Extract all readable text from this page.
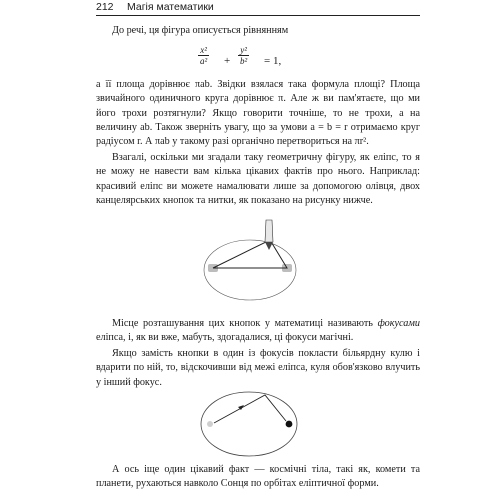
212 Магія математики

До речі, ця фігура описується рівнянням

$\frac{\text{x²}}{\text{a²}} + \frac{\text{y²}}{\text{b²}} = 1$,

а її площа дорівнює πab. Звідки взялася така формула площі? Площа звичайного одиничного круга дорівнює π. Але ж ви пам'ятаєте, що ми його трохи розтягнули? Якщо говорити точніше, то не трохи, а на величину ab. Також зверніть увагу, що за умови a = b = r отримаємо круг радіусом r. А πab у такому разі органічно перетвориться на πr².

Взагалі, оскільки ми згадали таку геометричну фігуру, як еліпс, то я не можу не навести вам кілька цікавих фактів про нього. Наприклад: красивий еліпс ви можете намалювати лише за допомогою олівця, двох канцелярських кнопок та нитки, як показано на рисунку нижче.

Місце розташування цих кнопок у математиці називають фокусами еліпса, і, як ви вже, мабуть, здогадалися, ці фокуси магічні.

Якщо замість кнопки в один із фокусів покласти більярдну кулю і вдарити по ній, то, відскочивши від межі еліпса, куля обов'язково влучить у інший фокус.

А ось іще один цікавий факт — космічні тіла, такі як, комети та планети, рухаються навколо Сонця по орбітах еліптичної форми.
